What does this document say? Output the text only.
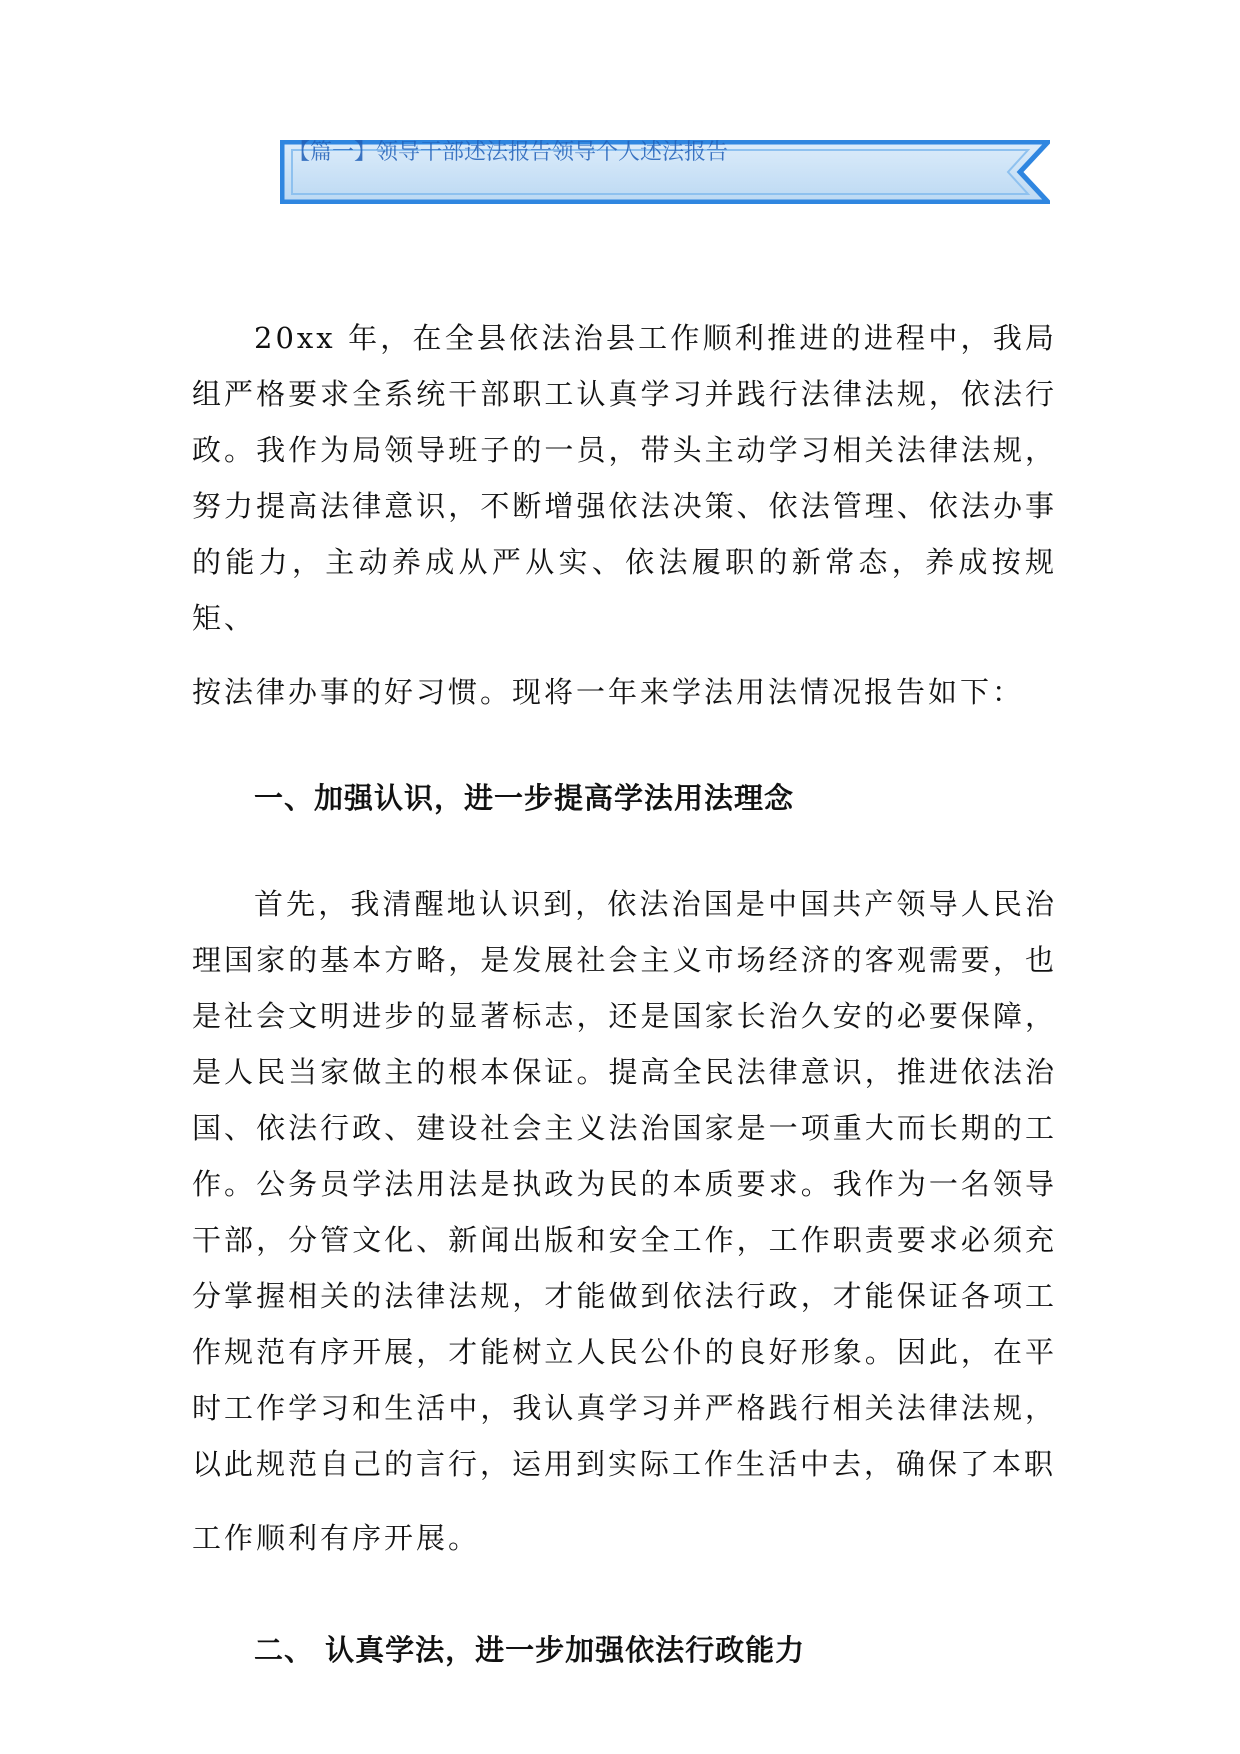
【篇一】领导干部述法报告领导个人述法报告

20xx 年，在全县依法治县工作顺利推进的进程中，我局组严格要求全系统干部职工认真学习并践行法律法规，依法行政。我作为局领导班子的一员，带头主动学习相关法律法规，努力提高法律意识，不断增强依法决策、依法管理、依法办事的能力，主动养成从严从实、依法履职的新常态，养成按规矩、
按法律办事的好习惯。现将一年来学法用法情况报告如下：

一、加强认识，进一步提高学法用法理念

首先，我清醒地认识到，依法治国是中国共产领导人民治理国家的基本方略，是发展社会主义市场经济的客观需要，也是社会文明进步的显著标志，还是国家长治久安的必要保障，是人民当家做主的根本保证。提高全民法律意识，推进依法治国、依法行政、建设社会主义法治国家是一项重大而长期的工作。公务员学法用法是执政为民的本质要求。我作为一名领导干部，分管文化、新闻出版和安全工作，工作职责要求必须充分掌握相关的法律法规，才能做到依法行政，才能保证各项工作规范有序开展，才能树立人民公仆的良好形象。因此，在平时工作学习和生活中，我认真学习并严格践行相关法律法规，以此规范自己的言行，运用到实际工作生活中去，确保了本职
工作顺利有序开展。

二、 认真学法，进一步加强依法行政能力
